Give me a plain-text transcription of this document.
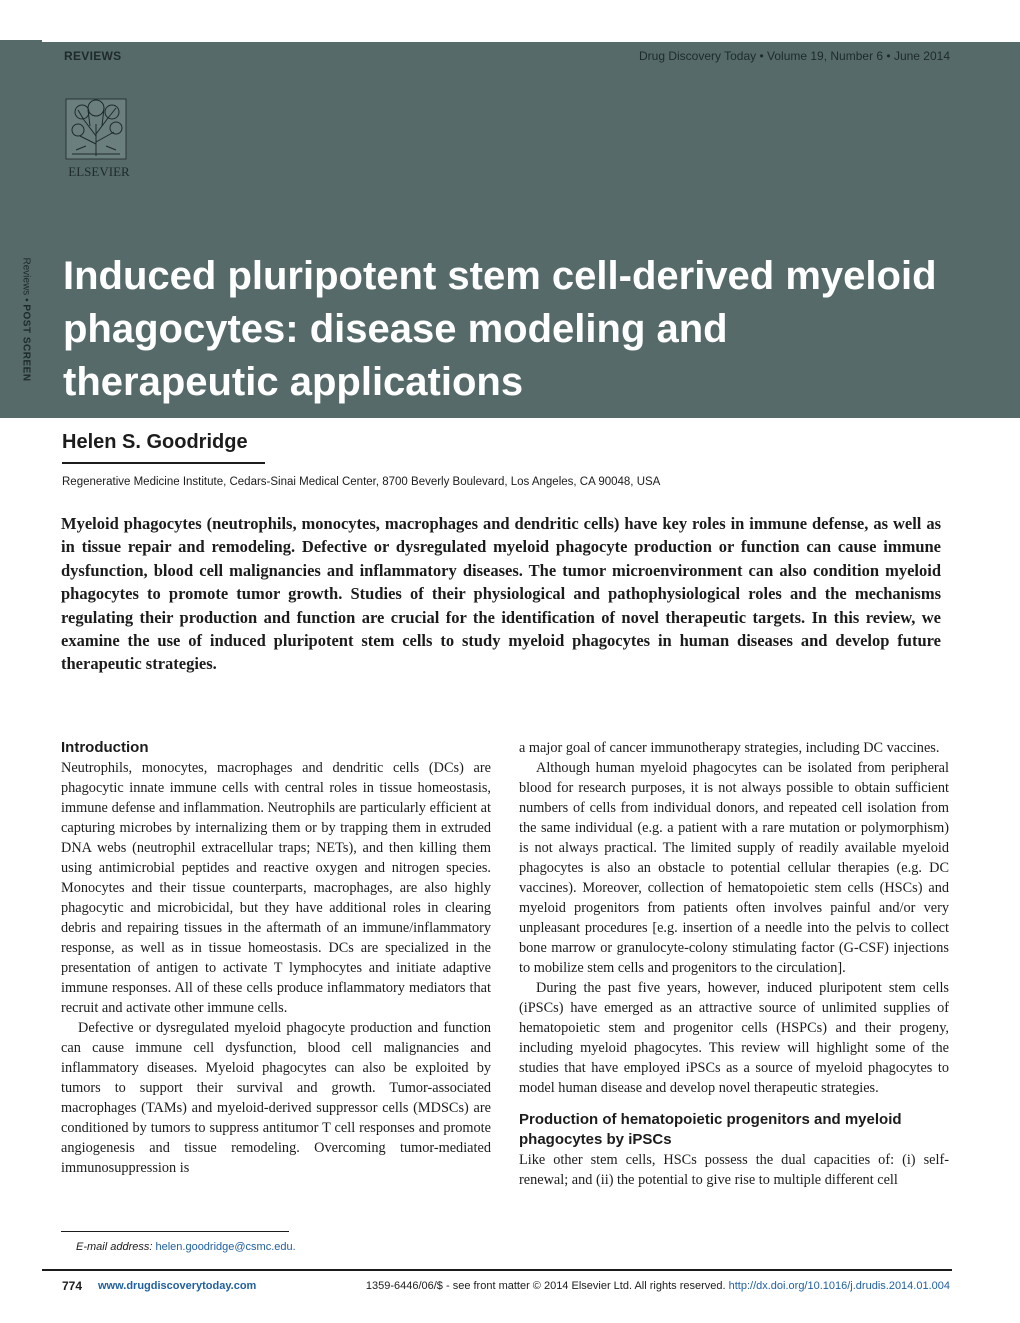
REVIEWS	Drug Discovery Today • Volume 19, Number 6 • June 2014
ELSEVIER
Reviews • POST SCREEN
Induced pluripotent stem cell-derived myeloid phagocytes: disease modeling and therapeutic applications
Helen S. Goodridge
Regenerative Medicine Institute, Cedars-Sinai Medical Center, 8700 Beverly Boulevard, Los Angeles, CA 90048, USA

Myeloid phagocytes (neutrophils, monocytes, macrophages and dendritic cells) have key roles in immune defense, as well as in tissue repair and remodeling. Defective or dysregulated myeloid phagocyte production or function can cause immune dysfunction, blood cell malignancies and inflammatory diseases. The tumor microenvironment can also condition myeloid phagocytes to promote tumor growth. Studies of their physiological and pathophysiological roles and the mechanisms regulating their production and function are crucial for the identification of novel therapeutic targets. In this review, we examine the use of induced pluripotent stem cells to study myeloid phagocytes in human diseases and develop future therapeutic strategies.

Introduction

Neutrophils, monocytes, macrophages and dendritic cells (DCs) are phagocytic innate immune cells with central roles in tissue homeostasis, immune defense and inflammation. Neutrophils are particularly efficient at capturing microbes by internalizing them or by trapping them in extruded DNA webs (neutrophil extracellular traps; NETs), and then killing them using antimicrobial peptides and reactive oxygen and nitrogen species. Monocytes and their tissue counterparts, macrophages, are also highly phagocytic and microbicidal, but they have additional roles in clearing debris and repairing tissues in the aftermath of an immune/inflammatory response, as well as in tissue homeostasis. DCs are specialized in the presentation of antigen to activate T lymphocytes and initiate adaptive immune responses. All of these cells produce inflammatory mediators that recruit and activate other immune cells.

Defective or dysregulated myeloid phagocyte production and function can cause immune cell dysfunction, blood cell malignancies and inflammatory diseases. Myeloid phagocytes can also be exploited by tumors to support their survival and growth. Tumor-associated macrophages (TAMs) and myeloid-derived suppressor cells (MDSCs) are conditioned by tumors to suppress antitumor T cell responses and promote angiogenesis and tissue remodeling. Overcoming tumor-mediated immunosuppression is

a major goal of cancer immunotherapy strategies, including DC vaccines.

Although human myeloid phagocytes can be isolated from peripheral blood for research purposes, it is not always possible to obtain sufficient numbers of cells from individual donors, and repeated cell isolation from the same individual (e.g. a patient with a rare mutation or polymorphism) is not always practical. The limited supply of readily available myeloid phagocytes is also an obstacle to potential cellular therapies (e.g. DC vaccines). Moreover, collection of hematopoietic stem cells (HSCs) and myeloid progenitors from patients often involves painful and/or very unpleasant procedures [e.g. insertion of a needle into the pelvis to collect bone marrow or granulocyte-colony stimulating factor (G-CSF) injections to mobilize stem cells and progenitors to the circulation].

During the past five years, however, induced pluripotent stem cells (iPSCs) have emerged as an attractive source of unlimited supplies of hematopoietic stem and progenitor cells (HSPCs) and their progeny, including myeloid phagocytes. This review will highlight some of the studies that have employed iPSCs as a source of myeloid phagocytes to model human disease and develop novel therapeutic strategies.

Production of hematopoietic progenitors and myeloid phagocytes by iPSCs

Like other stem cells, HSCs possess the dual capacities of: (i) self-renewal; and (ii) the potential to give rise to multiple different cell

E-mail address: helen.goodridge@csmc.edu.
774 www.drugdiscoverytoday.com	1359-6446/06/$ - see front matter © 2014 Elsevier Ltd. All rights reserved. http://dx.doi.org/10.1016/j.drudis.2014.01.004
